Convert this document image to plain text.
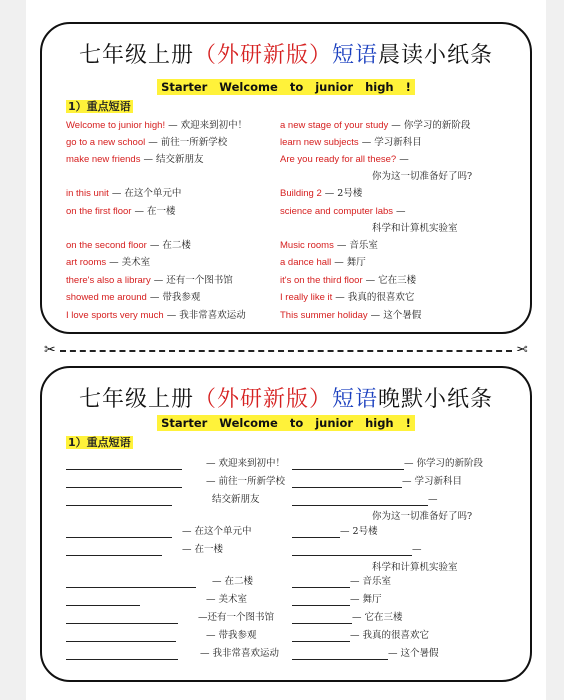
七年级上册（外研新版）短语晨读小纸条
Starter Welcome to junior high !
1）重点短语
Welcome to junior high! — 欢迎来到初中！
go to a new school — 前往一所新学校
make new friends — 结交新朋友
in this unit — 在这个单元中
on the first floor — 在一楼
on the second floor — 在二楼
art rooms — 美术室
there's also a library — 还有一个图书馆
showed me around — 带我参观
I love sports very much — 我非常喜欢运动
a new stage of your study — 你学习的新阶段
learn new subjects — 学习新科目
Are you ready for all these? —
你为这一切准备好了吗?
Building 2 — 2号楼
science and computer labs —
科学和计算机实验室
Music rooms — 音乐室
a dance hall — 舞厅
it's on the third floor — 它在三楼
I really like it — 我真的很喜欢它
This summer holiday — 这个暑假
✂	✂
七年级上册（外研新版）短语晚默小纸条
Starter Welcome to junior high !
1）重点短语
— 欢迎来到初中！
— 前往一所新学校
结交新朋友
— 在这个单元中
— 在一楼
— 在二楼
— 美术室
—还有一个图书馆
— 带我参观
— 我非常喜欢运动
— 你学习的新阶段
— 学习新科目
—
你为这一切准备好了吗?
— 2号楼
—
科学和计算机实验室
— 音乐室
— 舞厅
— 它在三楼
— 我真的很喜欢它
— 这个暑假
